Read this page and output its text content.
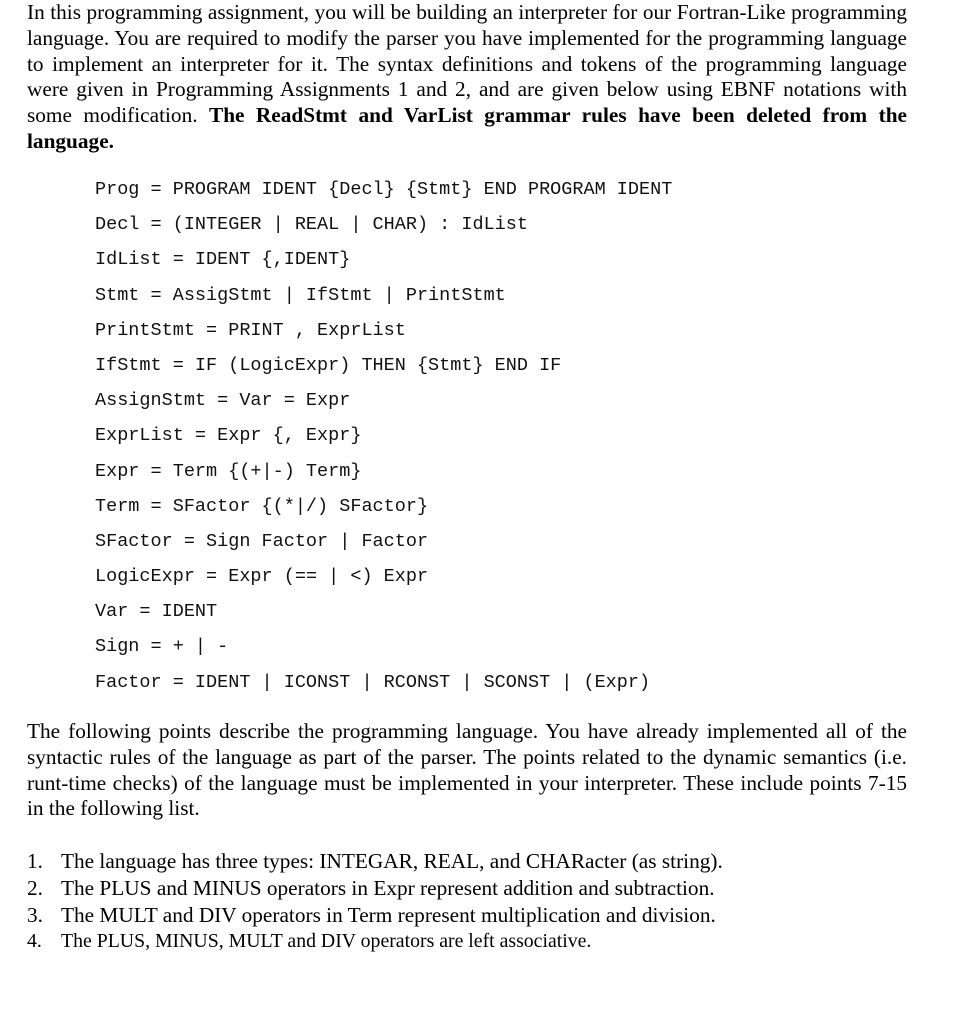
In this programming assignment, you will be building an interpreter for our Fortran-Like programming language. You are required to modify the parser you have implemented for the programming language to implement an interpreter for it. The syntax definitions and tokens of the programming language were given in Programming Assignments 1 and 2, and are given below using EBNF notations with some modification. The ReadStmt and VarList grammar rules have been deleted from the language.

Prog = PROGRAM IDENT {Decl} {Stmt} END PROGRAM IDENT
Decl = (INTEGER | REAL | CHAR) : IdList
IdList = IDENT {,IDENT}
Stmt = AssigStmt | IfStmt | PrintStmt
PrintStmt = PRINT , ExprList
IfStmt = IF (LogicExpr) THEN {Stmt} END IF
AssignStmt = Var = Expr
ExprList = Expr {, Expr}
Expr = Term {(+|-) Term}
Term = SFactor {(*|/) SFactor}
SFactor = Sign Factor | Factor
LogicExpr = Expr (== | <) Expr
Var = IDENT
Sign = + | -
Factor = IDENT | ICONST | RCONST | SCONST | (Expr)

The following points describe the programming language. You have already implemented all of the syntactic rules of the language as part of the parser. The points related to the dynamic semantics (i.e. runt-time checks) of the language must be implemented in your interpreter. These include points 7-15 in the following list.

1. The language has three types: INTEGAR, REAL, and CHARacter (as string).
2. The PLUS and MINUS operators in Expr represent addition and subtraction.
3. The MULT and DIV operators in Term represent multiplication and division.
4. The PLUS, MINUS, MULT and DIV operators are left associative.
